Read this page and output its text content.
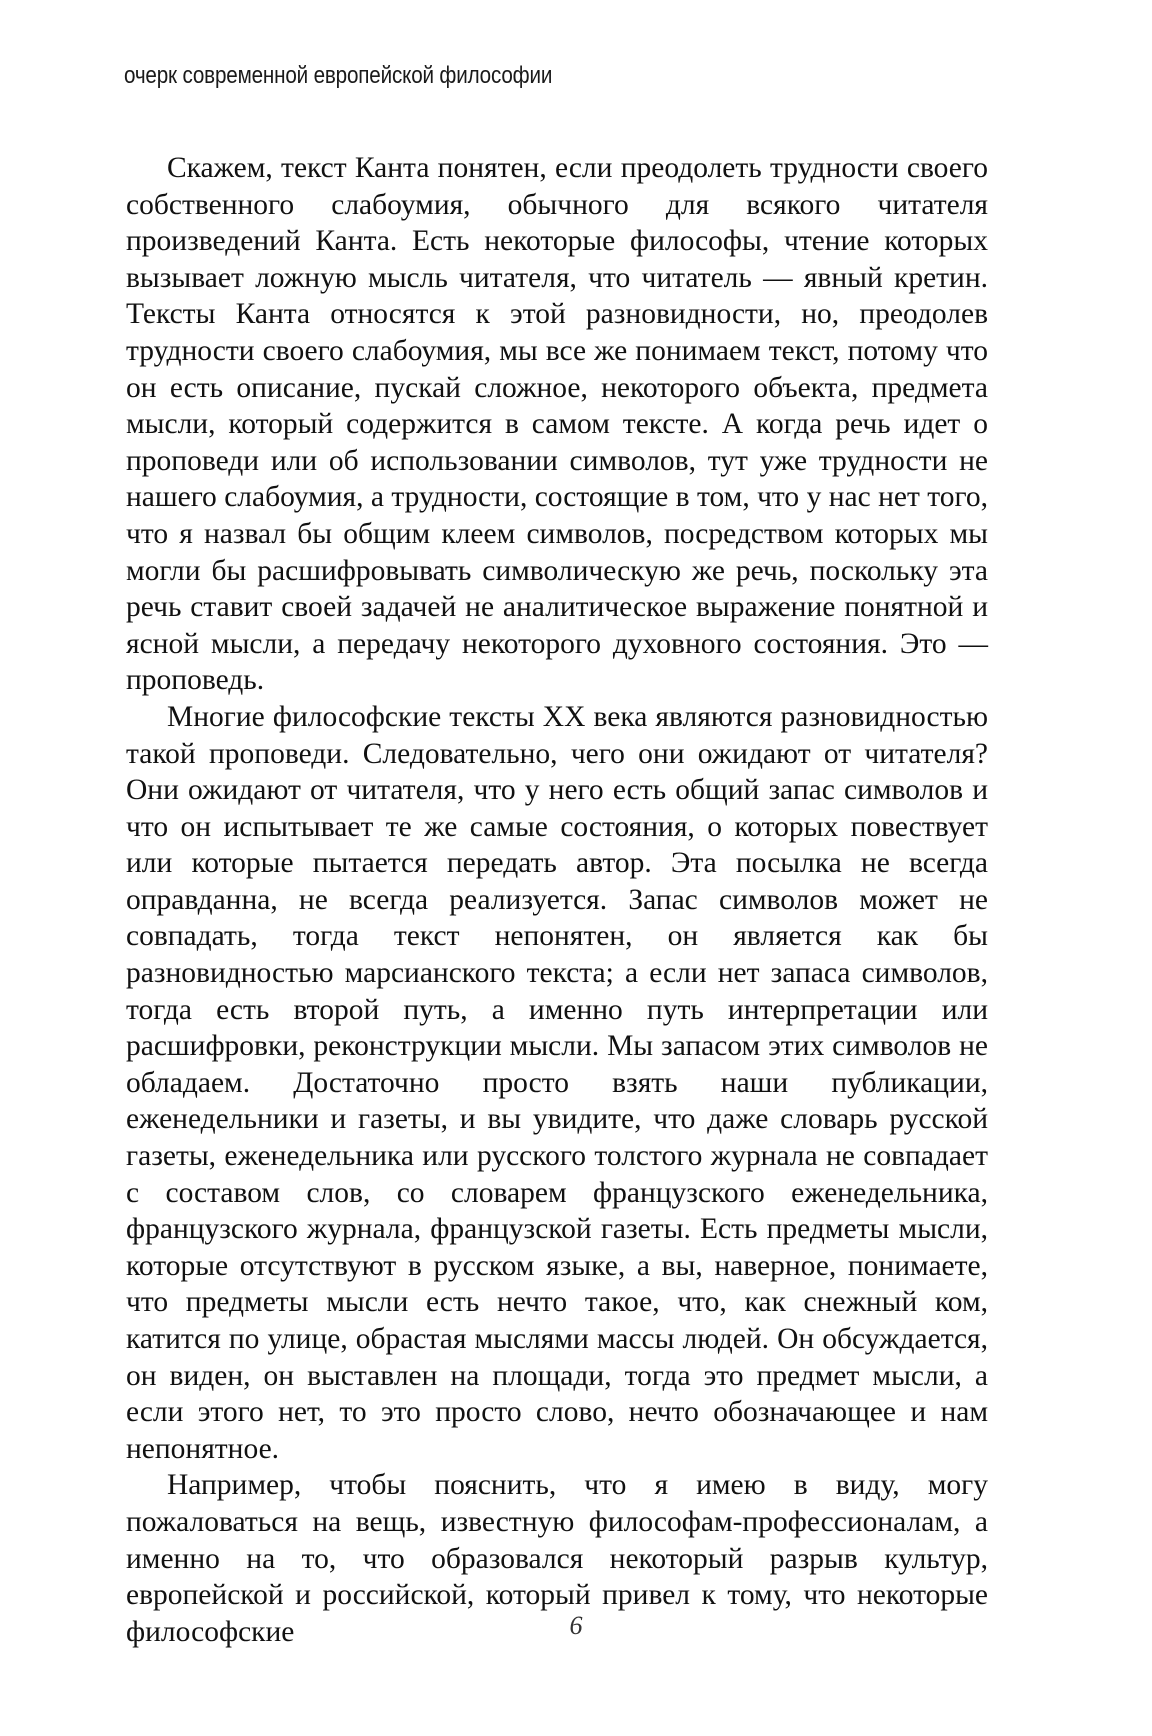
очерк современной европейской философии

Скажем, текст Канта понятен, если преодолеть трудности своего собственного слабоумия, обычного для всякого читателя произведений Канта. Есть некоторые философы, чтение которых вызывает ложную мысль читателя, что читатель — явный кретин. Тексты Канта относятся к этой разновидности, но, преодолев трудности своего слабоумия, мы все же понимаем текст, потому что он есть описание, пускай сложное, некоторого объекта, предмета мысли, который содержится в самом тексте. А когда речь идет о проповеди или об использовании символов, тут уже трудности не нашего слабоумия, а трудности, состоящие в том, что у нас нет того, что я назвал бы общим клеем символов, посредством которых мы могли бы расшифровывать символическую же речь, поскольку эта речь ставит своей задачей не аналитическое выражение понятной и ясной мысли, а передачу некоторого духовного состояния. Это — проповедь.

Многие философские тексты XX века являются разновидностью такой проповеди. Следовательно, чего они ожидают от читателя? Они ожидают от читателя, что у него есть общий запас символов и что он испытывает те же самые состояния, о которых повествует или которые пытается передать автор. Эта посылка не всегда оправданна, не всегда реализуется. Запас символов может не совпадать, тогда текст непонятен, он является как бы разновидностью марсианского текста; а если нет запаса символов, тогда есть второй путь, а именно путь интерпретации или расшифровки, реконструкции мысли. Мы запасом этих символов не обладаем. Достаточно просто взять наши публикации, еженедельники и газеты, и вы увидите, что даже словарь русской газеты, еженедельника или русского толстого журнала не совпадает с составом слов, со словарем французского еженедельника, французского журнала, французской газеты. Есть предметы мысли, которые отсутствуют в русском языке, а вы, наверное, понимаете, что предметы мысли есть нечто такое, что, как снежный ком, катится по улице, обрастая мыслями массы людей. Он обсуждается, он виден, он выставлен на площади, тогда это предмет мысли, а если этого нет, то это просто слово, нечто обозначающее и нам непонятное.

Например, чтобы пояснить, что я имею в виду, могу пожаловаться на вещь, известную философам-профессионалам, а именно на то, что образовался некоторый разрыв культур, европейской и российской, который привел к тому, что некоторые философские	6
